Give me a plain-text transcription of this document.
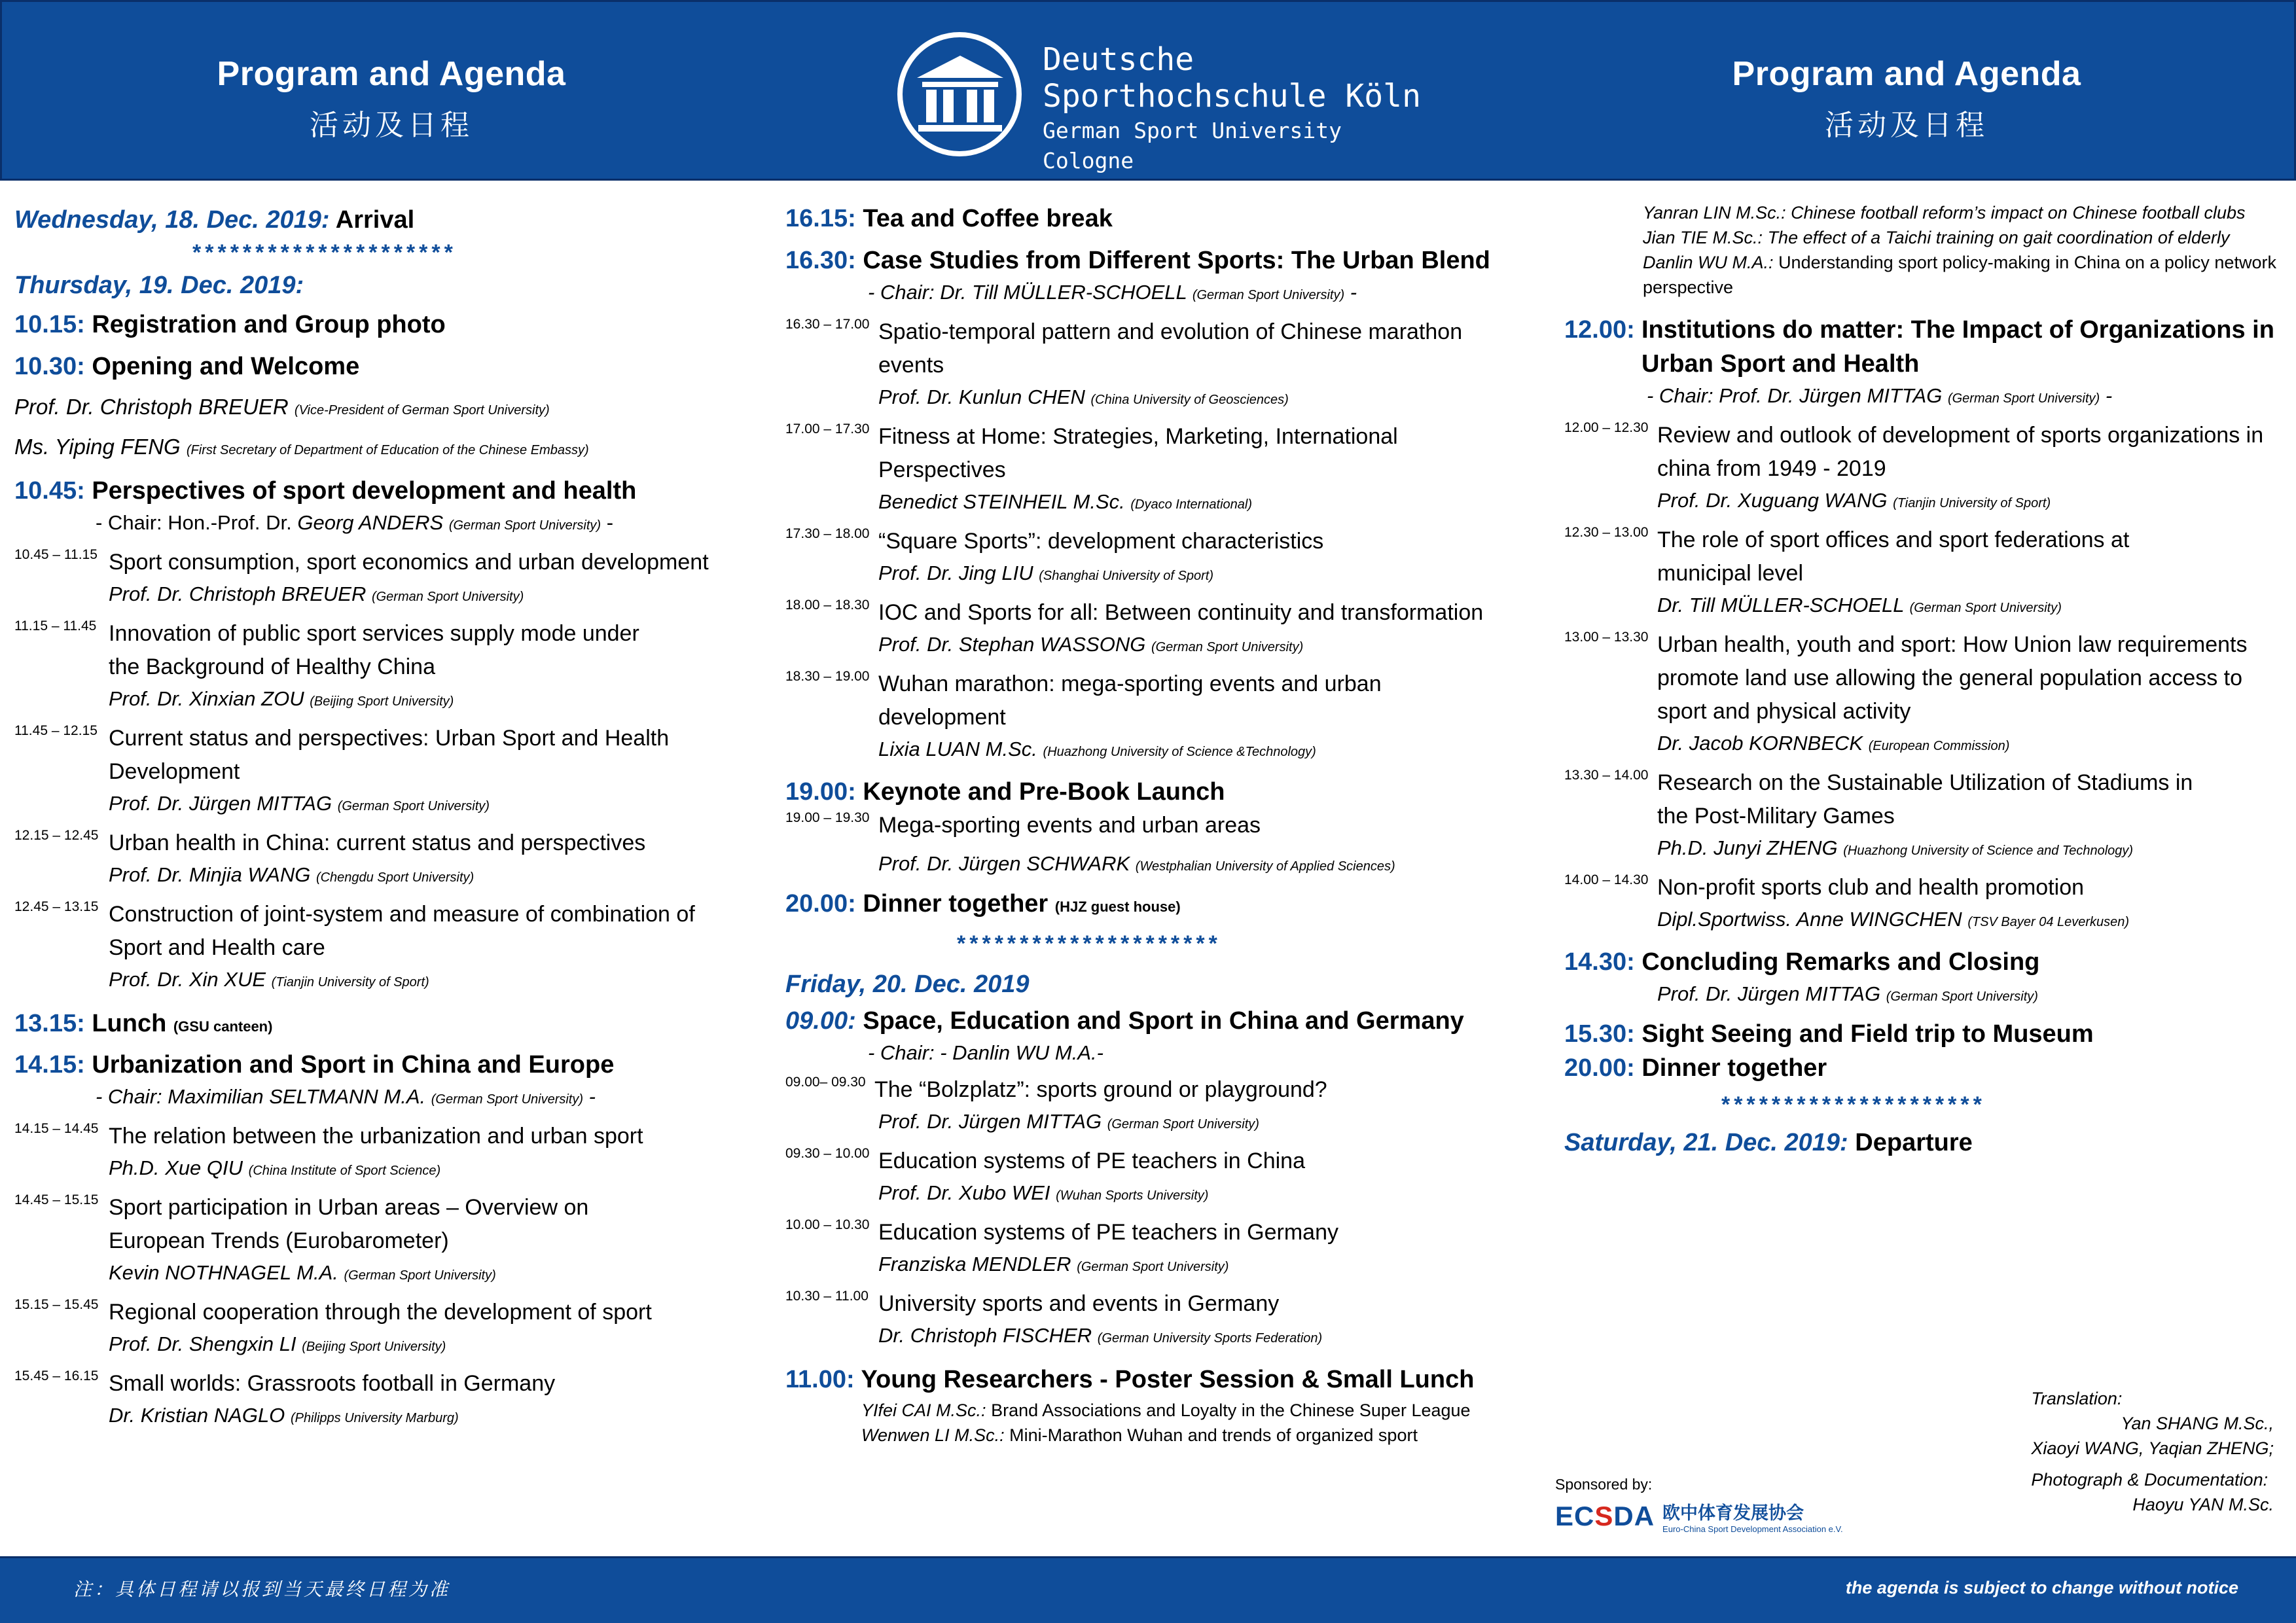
Program and Agenda
活动及日程
Deutsche
Sporthochschule Köln
German Sport University Cologne
Program and Agenda
活动及日程
Wednesday, 18. Dec. 2019: Arrival
*********************
Thursday, 19. Dec. 2019:
10.15: Registration and Group photo
10.30: Opening and Welcome
Prof. Dr. Christoph BREUER (Vice-President of German Sport University)
Ms. Yiping FENG (First Secretary of Department of Education of the Chinese Embassy)
10.45: Perspectives of sport development and health
- Chair: Hon.-Prof. Dr. Georg ANDERS (German Sport University) -
10.45 – 11.15 Sport consumption, sport economics and urban development
Prof. Dr. Christoph BREUER (German Sport University)
11.15 – 11.45 Innovation of public sport services supply mode under the Background of Healthy China
Prof. Dr. Xinxian ZOU (Beijing Sport University)
11.45 – 12.15 Current status and perspectives: Urban Sport and Health Development
Prof. Dr. Jürgen MITTAG (German Sport University)
12.15 – 12.45 Urban health in China: current status and perspectives
Prof. Dr. Minjia WANG (Chengdu Sport University)
12.45 – 13.15 Construction of joint-system and measure of combination of Sport and Health care
Prof. Dr. Xin XUE (Tianjin University of Sport)
13.15: Lunch (GSU canteen)
14.15: Urbanization and Sport in China and Europe
- Chair: Maximilian SELTMANN M.A. (German Sport University) -
14.15 – 14.45 The relation between the urbanization and urban sport
Ph.D. Xue QIU (China Institute of Sport Science)
14.45 – 15.15 Sport participation in Urban areas – Overview on European Trends (Eurobarometer)
Kevin NOTHNAGEL M.A. (German Sport University)
15.15 – 15.45 Regional cooperation through the development of sport
Prof. Dr. Shengxin LI (Beijing Sport University)
15.45 – 16.15 Small worlds: Grassroots football in Germany
Dr. Kristian NAGLO (Philipps University Marburg)
16.15: Tea and Coffee break
16.30: Case Studies from Different Sports: The Urban Blend
- Chair: Dr. Till MÜLLER-SCHOELL (German Sport University) -
16.30 – 17.00 Spatio-temporal pattern and evolution of Chinese marathon events
Prof. Dr. Kunlun CHEN (China University of Geosciences)
17.00 – 17.30 Fitness at Home: Strategies, Marketing, International Perspectives
Benedict STEINHEIL M.Sc. (Dyaco International)
17.30 – 18.00 “Square Sports”: development characteristics
Prof. Dr. Jing LIU (Shanghai University of Sport)
18.00 – 18.30 IOC and Sports for all: Between continuity and transformation
Prof. Dr. Stephan WASSONG (German Sport University)
18.30 – 19.00 Wuhan marathon: mega-sporting events and urban development
Lixia LUAN M.Sc. (Huazhong University of Science &Technology)
19.00: Keynote and Pre-Book Launch
19.00 – 19.30 Mega-sporting events and urban areas
Prof. Dr. Jürgen SCHWARK (Westphalian University of Applied Sciences)
20.00: Dinner together (HJZ guest house)
*********************
Friday, 20. Dec. 2019
09.00: Space, Education and Sport in China and Germany
- Chair: - Danlin WU M.A.-
09.00– 09.30 The “Bolzplatz”: sports ground or playground?
Prof. Dr. Jürgen MITTAG (German Sport University)
09.30 – 10.00 Education systems of PE teachers in China
Prof. Dr. Xubo WEI (Wuhan Sports University)
10.00 – 10.30 Education systems of PE teachers in Germany
Franziska MENDLER (German Sport University)
10.30 – 11.00 University sports and events in Germany
Dr. Christoph FISCHER (German University Sports Federation)
11.00: Young Researchers - Poster Session & Small Lunch
YIfei CAI M.Sc.: Brand Associations and Loyalty in the Chinese Super League
Wenwen LI M.Sc.: Mini-Marathon Wuhan and trends of organized sport
Yanran LIN M.Sc.: Chinese football reform’s impact on Chinese football clubs
Jian TIE M.Sc.: The effect of a Taichi training on gait coordination of elderly
Danlin WU M.A.: Understanding sport policy-making in China on a policy network perspective
12.00: Institutions do matter: The Impact of Organizations in Urban Sport and Health
- Chair: Prof. Dr. Jürgen MITTAG (German Sport University) -
12.00 – 12.30 Review and outlook of development of sports organizations in china from 1949 - 2019
Prof. Dr. Xuguang WANG (Tianjin University of Sport)
12.30 – 13.00 The role of sport offices and sport federations at municipal level
Dr. Till MÜLLER-SCHOELL (German Sport University)
13.00 – 13.30 Urban health, youth and sport: How Union law requirements promote land use allowing the general population access to sport and physical activity
Dr. Jacob KORNBECK (European Commission)
13.30 – 14.00 Research on the Sustainable Utilization of Stadiums in the Post-Military Games
Ph.D. Junyi ZHENG (Huazhong University of Science and Technology)
14.00 – 14.30 Non-profit sports club and health promotion
Dipl.Sportwiss. Anne WINGCHEN (TSV Bayer 04 Leverkusen)
14.30: Concluding Remarks and Closing
Prof. Dr. Jürgen MITTAG (German Sport University)
15.30: Sight Seeing and Field trip to Museum
20.00: Dinner together
*********************
Saturday, 21. Dec. 2019: Departure
Sponsored by:
ECSDA 欧中体育发展协会
Euro-China Sport Development Association e.V.
Translation:
Yan SHANG M.Sc.,
Xiaoyi WANG, Yaqian ZHENG;
Photograph & Documentation:
Haoyu YAN M.Sc.
注：具体日程请以报到当天最终日程为准	the agenda is subject to change without notice
